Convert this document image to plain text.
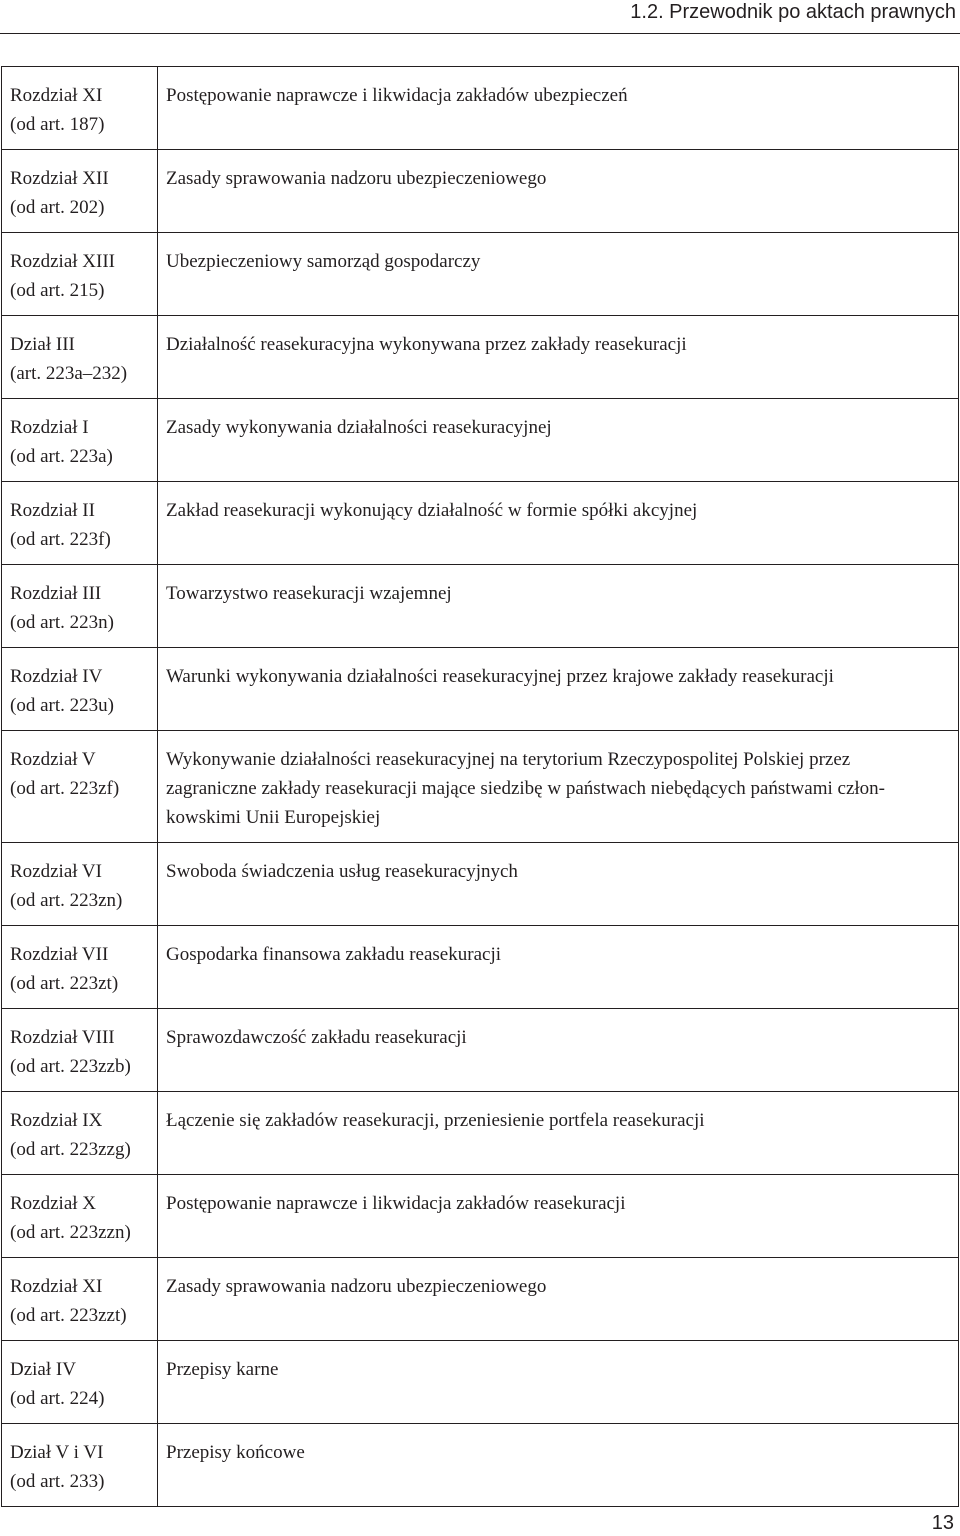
1.2. Przewodnik po aktach prawnych
Rozdział XI
(od art. 187)	Postępowanie naprawcze i likwidacja zakładów ubezpieczeń
Rozdział XII
(od art. 202)	Zasady sprawowania nadzoru ubezpieczeniowego
Rozdział XIII
(od art. 215)	Ubezpieczeniowy samorząd gospodarczy
Dział III
(art. 223a–232)	Działalność reasekuracyjna wykonywana przez zakłady reasekuracji
Rozdział I
(od art. 223a)	Zasady wykonywania działalności reasekuracyjnej
Rozdział II
(od art. 223f)	Zakład reasekuracji wykonujący działalność w formie spółki akcyjnej
Rozdział III
(od art. 223n)	Towarzystwo reasekuracji wzajemnej
Rozdział IV
(od art. 223u)	Warunki wykonywania działalności reasekuracyjnej przez krajowe zakłady reasekuracji
Rozdział V
(od art. 223zf)	Wykonywanie działalności reasekuracyjnej na terytorium Rzeczypospolitej Polskiej przez
zagraniczne zakłady reasekuracji mające siedzibę w państwach niebędących państwami człon-
kowskimi Unii Europejskiej
Rozdział VI
(od art. 223zn)	Swoboda świadczenia usług reasekuracyjnych
Rozdział VII
(od art. 223zt)	Gospodarka finansowa zakładu reasekuracji
Rozdział VIII
(od art. 223zzb)	Sprawozdawczość zakładu reasekuracji
Rozdział IX
(od art. 223zzg)	Łączenie się zakładów reasekuracji, przeniesienie portfela reasekuracji
Rozdział X
(od art. 223zzn)	Postępowanie naprawcze i likwidacja zakładów reasekuracji
Rozdział XI
(od art. 223zzt)	Zasady sprawowania nadzoru ubezpieczeniowego
Dział IV
(od art. 224)	Przepisy karne
Dział V i VI
(od art. 233)	Przepisy końcowe
13
